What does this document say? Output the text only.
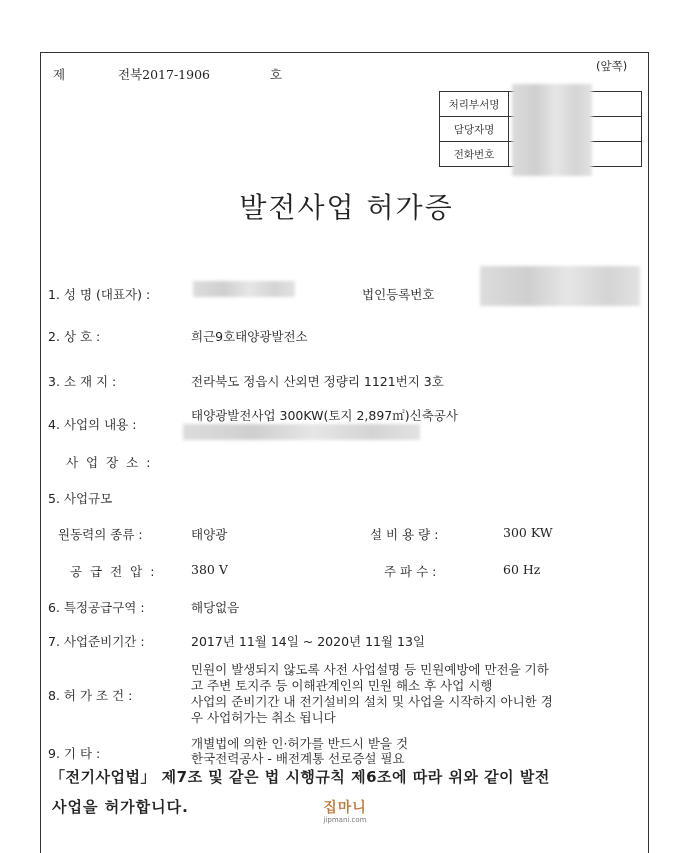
제	전북2017-1906	호
(앞쪽)
처리부서명	
담당자명	
전화번호	
발전사업 허가증
1. 성 명 (대표자) :	법인등록번호
2. 상 호 :	희근9호태양광발전소
3. 소 재 지 :	전라북도 정읍시 산외면 정량리 1121번지 3호
4. 사업의 내용 :
태양광발전사업 300KW(토지 2,897㎡)신축공사
사 업 장 소 :
5. 사업규모
원동력의 종류 :	태양광	설 비 용 량 :	300 KW
공 급 전 압 :	380 V	주 파 수 :	60 Hz
6. 특정공급구역 :	해당없음
7. 사업준비기간 :	2017년 11월 14일 ~ 2020년 11월 13일
8. 허 가 조 건 :
민원이 발생되지 않도록 사전 사업설명 등 민원예방에 만전을 기하
고 주변 토지주 등 이해관계인의 민원 해소 후 사업 시행
사업의 준비기간 내 전기설비의 설치 및 사업을 시작하지 아니한 경
우 사업허가는 취소 됩니다
9. 기 타 :
개별법에 의한 인·허가를 반드시 받을 것
한국전력공사 - 배전계통 선로증설 필요
「전기사업법」 제7조 및 같은 법 시행규칙 제6조에 따라 위와 같이 발전
사업을 허가합니다.	집마니
jipmani.com
